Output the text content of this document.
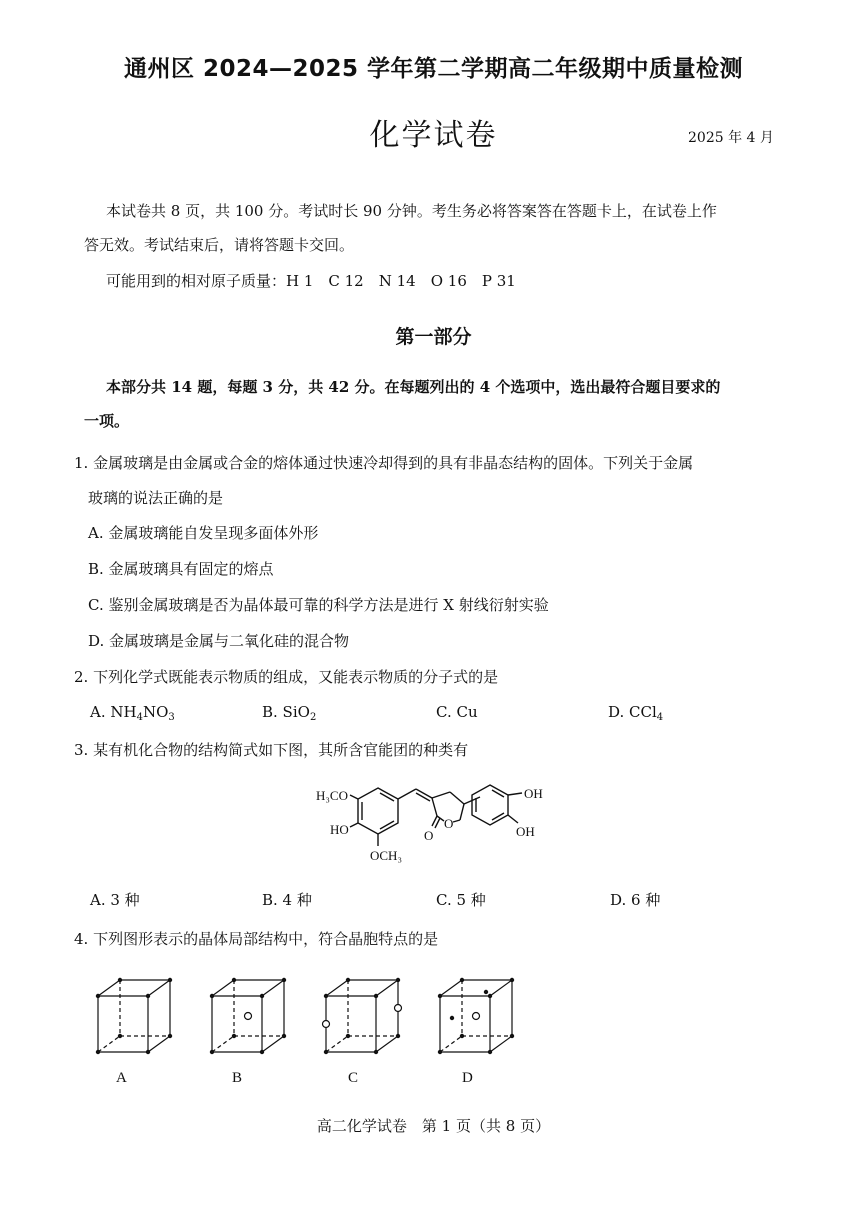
通州区 2024—2025 学年第二学期高二年级期中质量检测
化学试卷	2025 年 4 月
本试卷共 8 页，共 100 分。考试时长 90 分钟。考生务必将答案答在答题卡上，在试卷上作
答无效。考试结束后，请将答题卡交回。
可能用到的相对原子质量：H 1　C 12　N 14　O 16　P 31
第一部分
本部分共 14 题，每题 3 分，共 42 分。在每题列出的 4 个选项中，选出最符合题目要求的
一项。
1. 金属玻璃是由金属或合金的熔体通过快速冷却得到的具有非晶态结构的固体。下列关于金属
玻璃的说法正确的是
A. 金属玻璃能自发呈现多面体外形
B. 金属玻璃具有固定的熔点
C. 鉴别金属玻璃是否为晶体最可靠的科学方法是进行 X 射线衍射实验
D. 金属玻璃是金属与二氧化硅的混合物
2. 下列化学式既能表示物质的组成，又能表示物质的分子式的是
A. $NH_4NO_3$	B. SiO$_2$	C. Cu	D. CCl$_4$
3. 某有机化合物的结构简式如下图，其所含官能团的种类有
H₃CO
HO
OCH₃
O
O
OH
OH
A. 3 种	B. 4 种	C. 5 种	D. 6 种
4. 下列图形表示的晶体局部结构中，符合晶胞特点的是
A	B	C	D
高二化学试卷　第 1 页（共 8 页）
